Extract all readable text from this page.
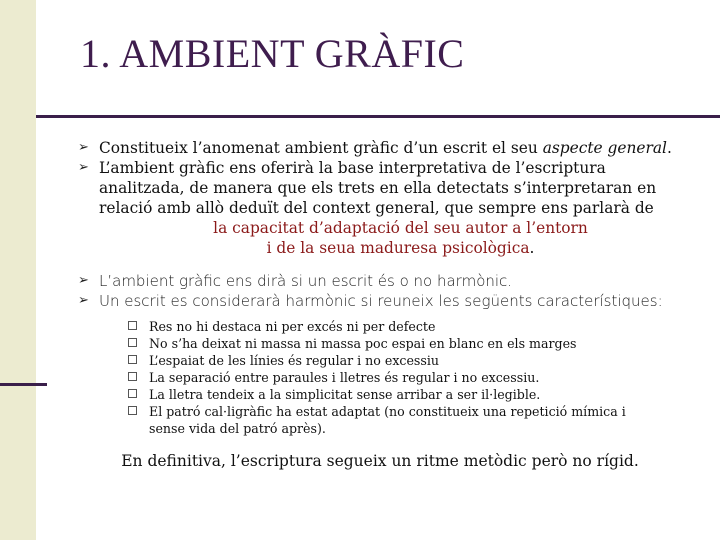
1. AMBIENT GRÀFIC
➢ Constitueix l’anomenat ambient gràfic d’un escrit el seu aspecte general.
➢ L’ambient gràfic ens oferirà la base interpretativa de l’escriptura
analitzada, de manera que els trets en ella detectats s’interpretaran en
relació amb allò deduït del context general, que sempre ens parlarà de
la capacitat d’adaptació del seu autor a l’entorn
i de la seua maduresa psicològica.
➢ L’ambient gràfic ens dirà si un escrit és o no harmònic.
➢ Un escrit es considerarà harmònic si reuneix les següents característiques:
Res no hi destaca ni per excés ni per defecte
No s’ha deixat ni massa ni massa poc espai en blanc en els marges
L’espaiat de les línies és regular i no excessiu
La separació entre paraules i lletres és regular i no excessiu.
La lletra tendeix a la simplicitat sense arribar a ser il·legible.
El patró cal·ligràfic ha estat adaptat (no constitueix una repetició mímica i
sense vida del patró après).
En definitiva, l’escriptura segueix un ritme metòdic però no rígid.
